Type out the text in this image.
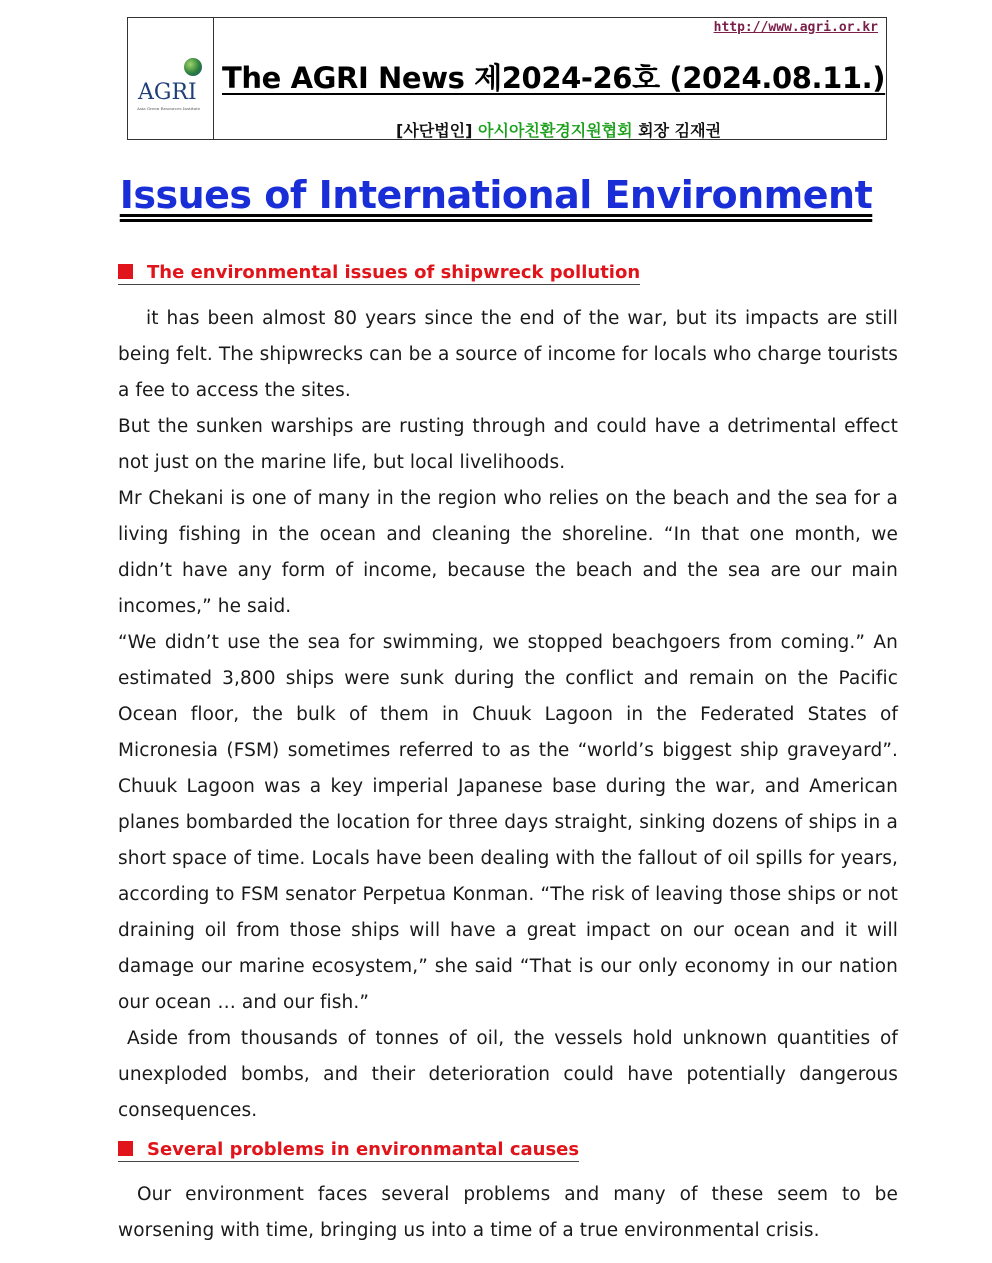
AGRI
Asia Green Resources Institute
http://www.agri.or.kr
The AGRI News 제2024-26호 (2024.08.11.)
[사단법인] 아시아친환경지원협회 회장 김재권
Issues of International Environment
The environmental issues of shipwreck pollution

it has been almost 80 years since the end of the war, but its impacts are still being felt. The shipwrecks can be a source of income for locals who charge tourists a fee to access the sites.

But the sunken warships are rusting through and could have a detrimental effect not just on the marine life, but local livelihoods.

Mr Chekani is one of many in the region who relies on the beach and the sea for a living fishing in the ocean and cleaning the shoreline. “In that one month, we didn’t have any form of income, because the beach and the sea are our main incomes,” he said.

“We didn’t use the sea for swimming, we stopped beachgoers from coming.” An estimated 3,800 ships were sunk during the conflict and remain on the Pacific Ocean floor, the bulk of them in Chuuk Lagoon in the Federated States of Micronesia (FSM) sometimes referred to as the “world’s biggest ship graveyard”. Chuuk Lagoon was a key imperial Japanese base during the war, and American planes bombarded the location for three days straight, sinking dozens of ships in a short space of time. Locals have been dealing with the fallout of oil spills for years, according to FSM senator Perpetua Konman. “The risk of leaving those ships or not draining oil from those ships will have a great impact on our ocean and it will damage our marine ecosystem,” she said “That is our only economy in our nation our ocean … and our fish.”

Aside from thousands of tonnes of oil, the vessels hold unknown quantities of unexploded bombs, and their deterioration could have potentially dangerous consequences.

Several problems in environmantal causes

Our environment faces several problems and many of these seem to be worsening with time, bringing us into a time of a true environmental crisis.
